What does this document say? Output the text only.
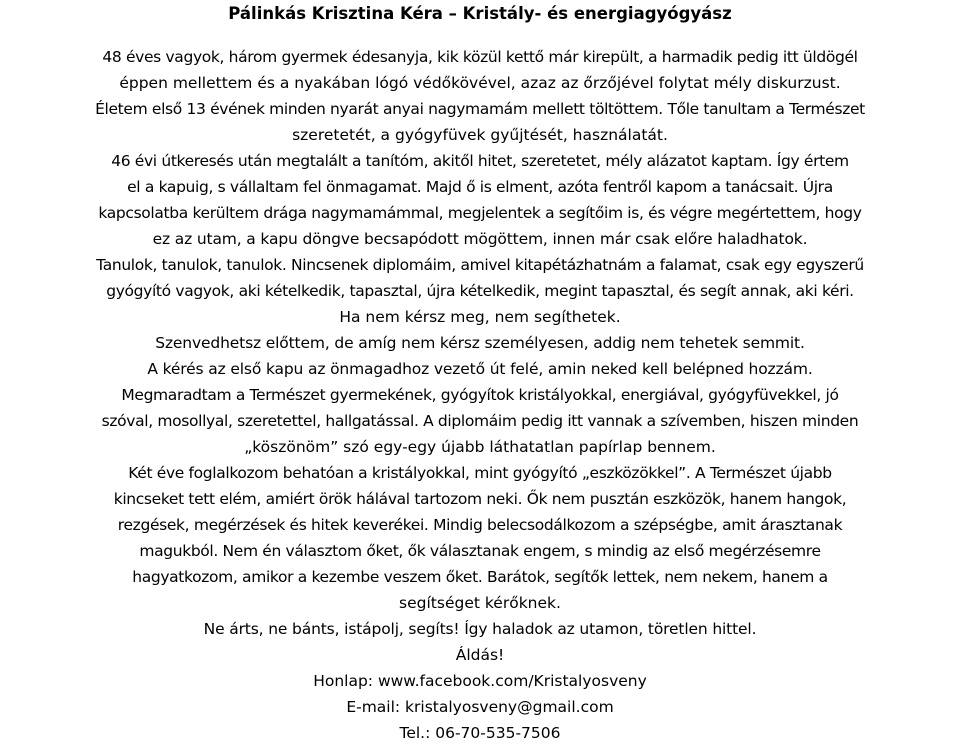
Pálinkás Krisztina Kéra – Kristály- és energiagyógyász
48 éves vagyok, három gyermek édesanyja, kik közül kettő már kirepült, a harmadik pedig itt üldögél
éppen mellettem és a nyakában lógó védőkövével, azaz az őrzőjével folytat mély diskurzust.
Életem első 13 évének minden nyarát anyai nagymamám mellett töltöttem. Tőle tanultam a Természet
szeretetét, a gyógyfüvek gyűjtését, használatát.
46 évi útkeresés után megtalált a tanítóm, akitől hitet, szeretetet, mély alázatot kaptam. Így értem
el a kapuig, s vállaltam fel önmagamat. Majd ő is elment, azóta fentről kapom a tanácsait. Újra
kapcsolatba kerültem drága nagymamámmal, megjelentek a segítőim is, és végre megértettem, hogy
ez az utam, a kapu döngve becsapódott mögöttem, innen már csak előre haladhatok.
Tanulok, tanulok, tanulok. Nincsenek diplomáim, amivel kitapétázhatnám a falamat, csak egy egyszerű
gyógyító vagyok, aki kételkedik, tapasztal, újra kételkedik, megint tapasztal, és segít annak, aki kéri.
Ha nem kérsz meg, nem segíthetek.
Szenvedhetsz előttem, de amíg nem kérsz személyesen, addig nem tehetek semmit.
A kérés az első kapu az önmagadhoz vezető út felé, amin neked kell belépned hozzám.
Megmaradtam a Természet gyermekének, gyógyítok kristályokkal, energiával, gyógyfüvekkel, jó
szóval, mosollyal, szeretettel, hallgatással. A diplomáim pedig itt vannak a szívemben, hiszen minden
„köszönöm” szó egy-egy újabb láthatatlan papírlap bennem.
Két éve foglalkozom behatóan a kristályokkal, mint gyógyító „eszközökkel”. A Természet újabb
kincseket tett elém, amiért örök hálával tartozom neki. Ők nem pusztán eszközök, hanem hangok,
rezgések, megérzések és hitek keverékei. Mindig belecsodálkozom a szépségbe, amit árasztanak
magukból. Nem én választom őket, ők választanak engem, s mindig az első megérzésemre
hagyatkozom, amikor a kezembe veszem őket. Barátok, segítők lettek, nem nekem, hanem a
segítséget kérőknek.
Ne árts, ne bánts, istápolj, segíts! Így haladok az utamon, töretlen hittel.
Áldás!
Honlap: www.facebook.com/Kristalyosveny
E-mail: kristalyosveny@gmail.com
Tel.: 06-70-535-7506
